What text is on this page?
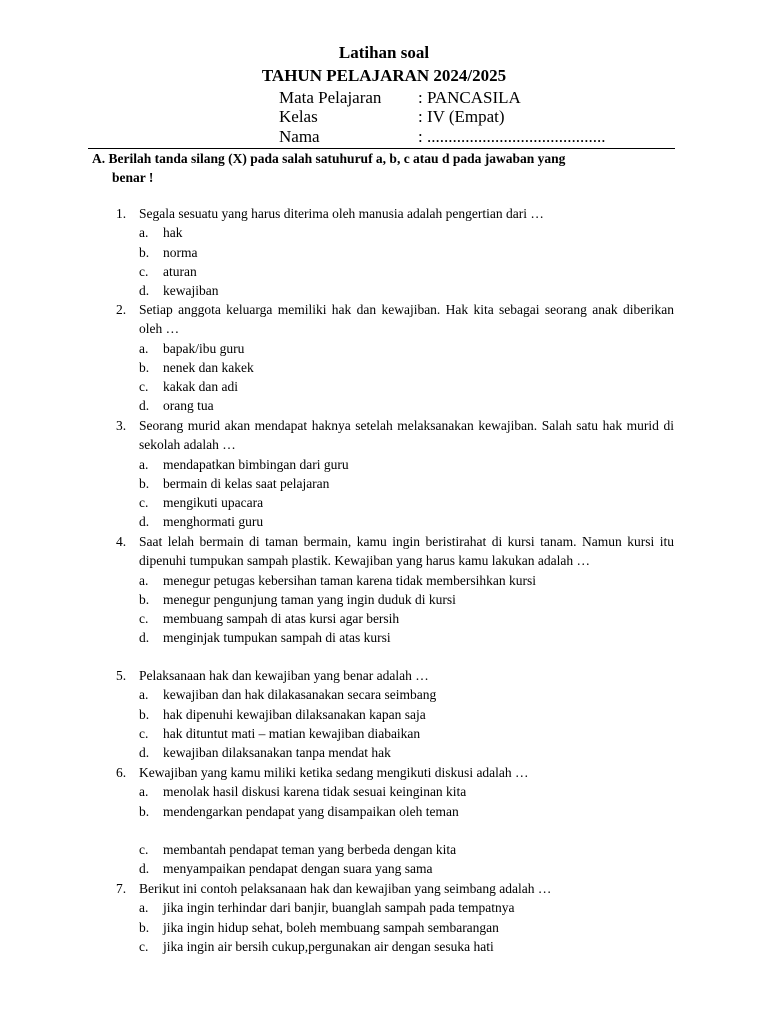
Latihan soal
TAHUN PELAJARAN 2024/2025
Mata Pelajaran : PANCASILA
Kelas	: IV (Empat)
Nama	: ..........................................
A. Berilah tanda silang (X) pada salah satuhuruf a, b, c atau d pada jawaban yang
benar !
1. Segala sesuatu yang harus diterima oleh manusia adalah pengertian dari …
a. hak
b. norma
c. aturan
d. kewajiban
2. Setiap anggota keluarga memiliki hak dan kewajiban. Hak kita sebagai seorang anak diberikan oleh …
a. bapak/ibu guru
b. nenek dan kakek
c. kakak dan adi
d. orang tua
3. Seorang murid akan mendapat haknya setelah melaksanakan kewajiban. Salah satu hak murid di sekolah adalah …
a. mendapatkan bimbingan dari guru
b. bermain di kelas saat pelajaran
c. mengikuti upacara
d. menghormati guru
4. Saat lelah bermain di taman bermain, kamu ingin beristirahat di kursi tanam. Namun kursi itu dipenuhi tumpukan sampah plastik. Kewajiban yang harus kamu lakukan adalah …
a. menegur petugas kebersihan taman karena tidak membersihkan kursi
b. menegur pengunjung taman yang ingin duduk di kursi
c. membuang sampah di atas kursi agar bersih
d. menginjak tumpukan sampah di atas kursi
5. Pelaksanaan hak dan kewajiban yang benar adalah …
a. kewajiban dan hak dilakasanakan secara seimbang
b. hak dipenuhi kewajiban dilaksanakan kapan saja
c. hak dituntut mati – matian kewajiban diabaikan
d. kewajiban dilaksanakan tanpa mendat hak
6. Kewajiban yang kamu miliki ketika sedang mengikuti diskusi adalah …
a. menolak hasil diskusi karena tidak sesuai keinginan kita
b. mendengarkan pendapat yang disampaikan oleh teman
c. membantah pendapat teman yang berbeda dengan kita
d. menyampaikan pendapat dengan suara yang sama
7. Berikut ini contoh pelaksanaan hak dan kewajiban yang seimbang adalah …
a. jika ingin terhindar dari banjir, buanglah sampah pada tempatnya
b. jika ingin hidup sehat, boleh membuang sampah sembarangan
c. jika ingin air bersih cukup,pergunakan air dengan sesuka hati
